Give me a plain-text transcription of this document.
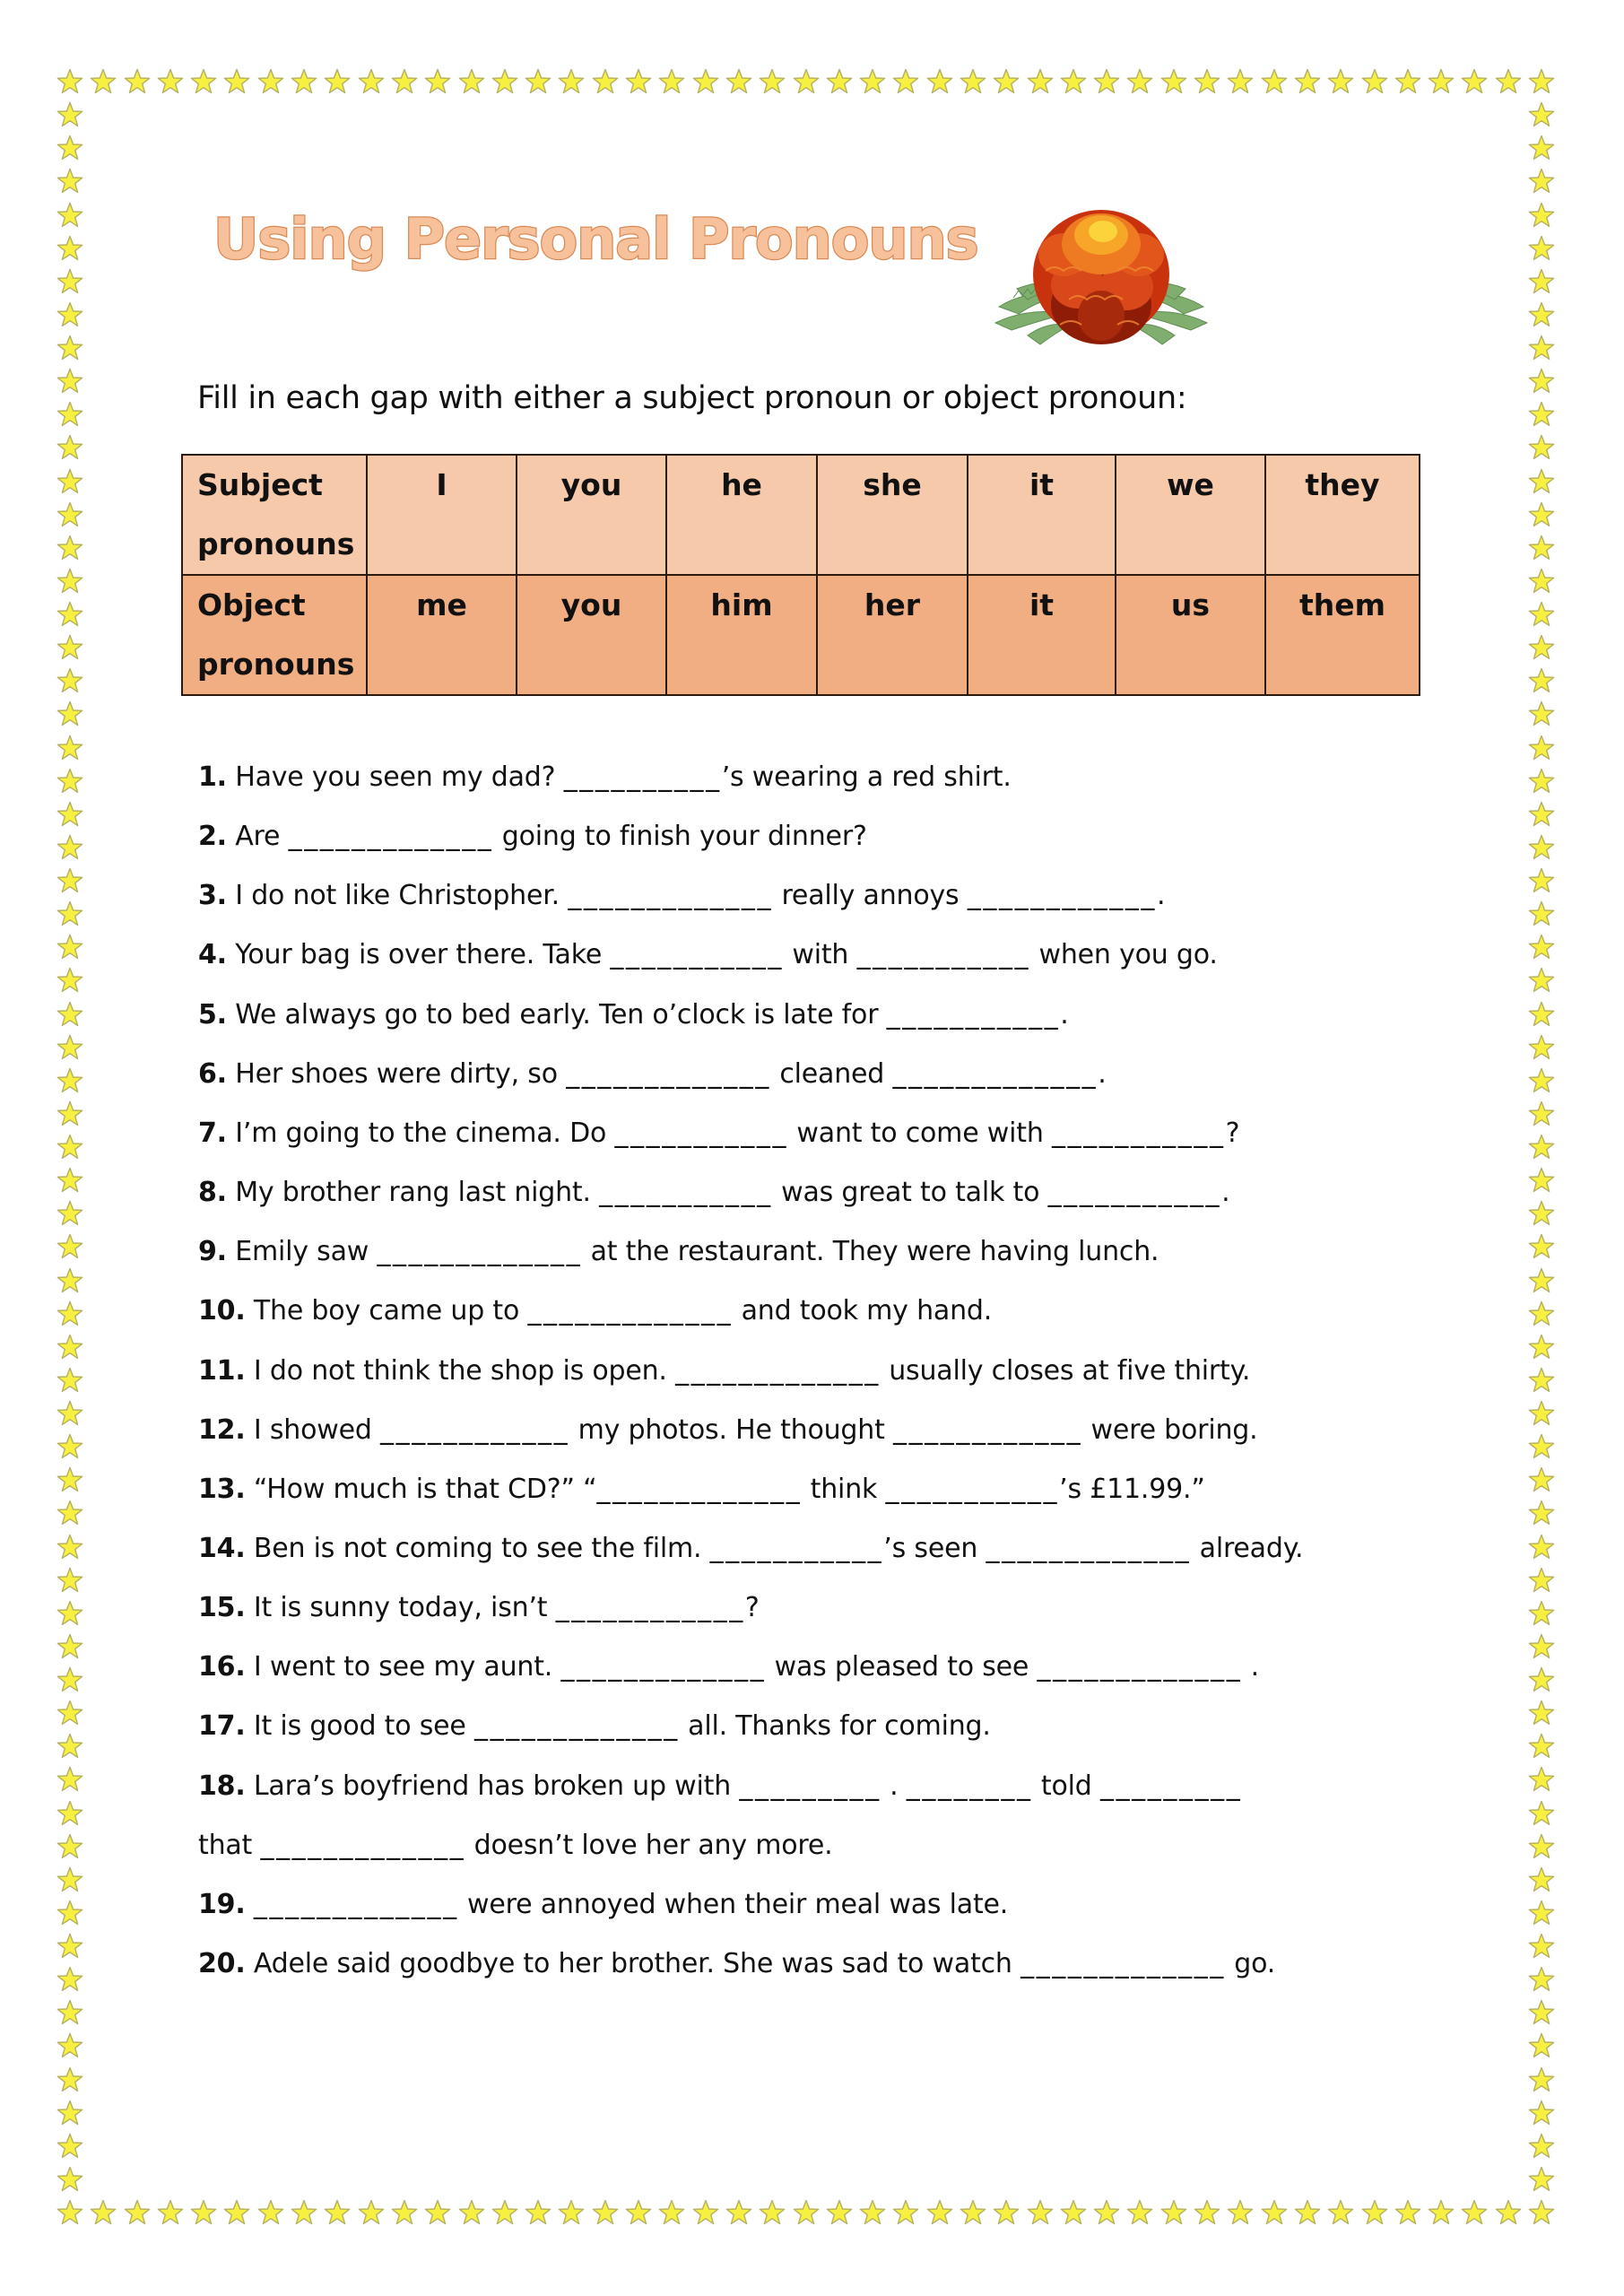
Using Personal Pronouns

Fill in each gap with either a subject pronoun or object pronoun:

Subject
pronouns	I	you	he	she	it	we	they

Object
pronouns	me	you	him	her	it	us	them
1. Have you seen my dad? __________’s wearing a red shirt.
2. Are _____________ going to finish your dinner?
3. I do not like Christopher. _____________ really annoys ____________.
4. Your bag is over there. Take ___________ with ___________ when you go.
5. We always go to bed early. Ten o’clock is late for ___________.
6. Her shoes were dirty, so _____________ cleaned _____________.
7. I’m going to the cinema. Do ___________ want to come with ___________?
8. My brother rang last night. ___________ was great to talk to ___________.
9. Emily saw _____________ at the restaurant. They were having lunch.
10. The boy came up to _____________ and took my hand.
11. I do not think the shop is open. _____________ usually closes at five thirty.
12. I showed ____________ my photos. He thought ____________ were boring.
13. “How much is that CD?” “_____________ think ___________’s £11.99.”
14. Ben is not coming to see the film. ___________’s seen _____________ already.
15. It is sunny today, isn’t ____________?
16. I went to see my aunt. _____________ was pleased to see _____________ .
17. It is good to see _____________ all. Thanks for coming.
18. Lara’s boyfriend has broken up with _________ . ________ told _________
that _____________ doesn’t love her any more.
19. _____________ were annoyed when their meal was late.
20. Adele said goodbye to her brother. She was sad to watch _____________ go.
